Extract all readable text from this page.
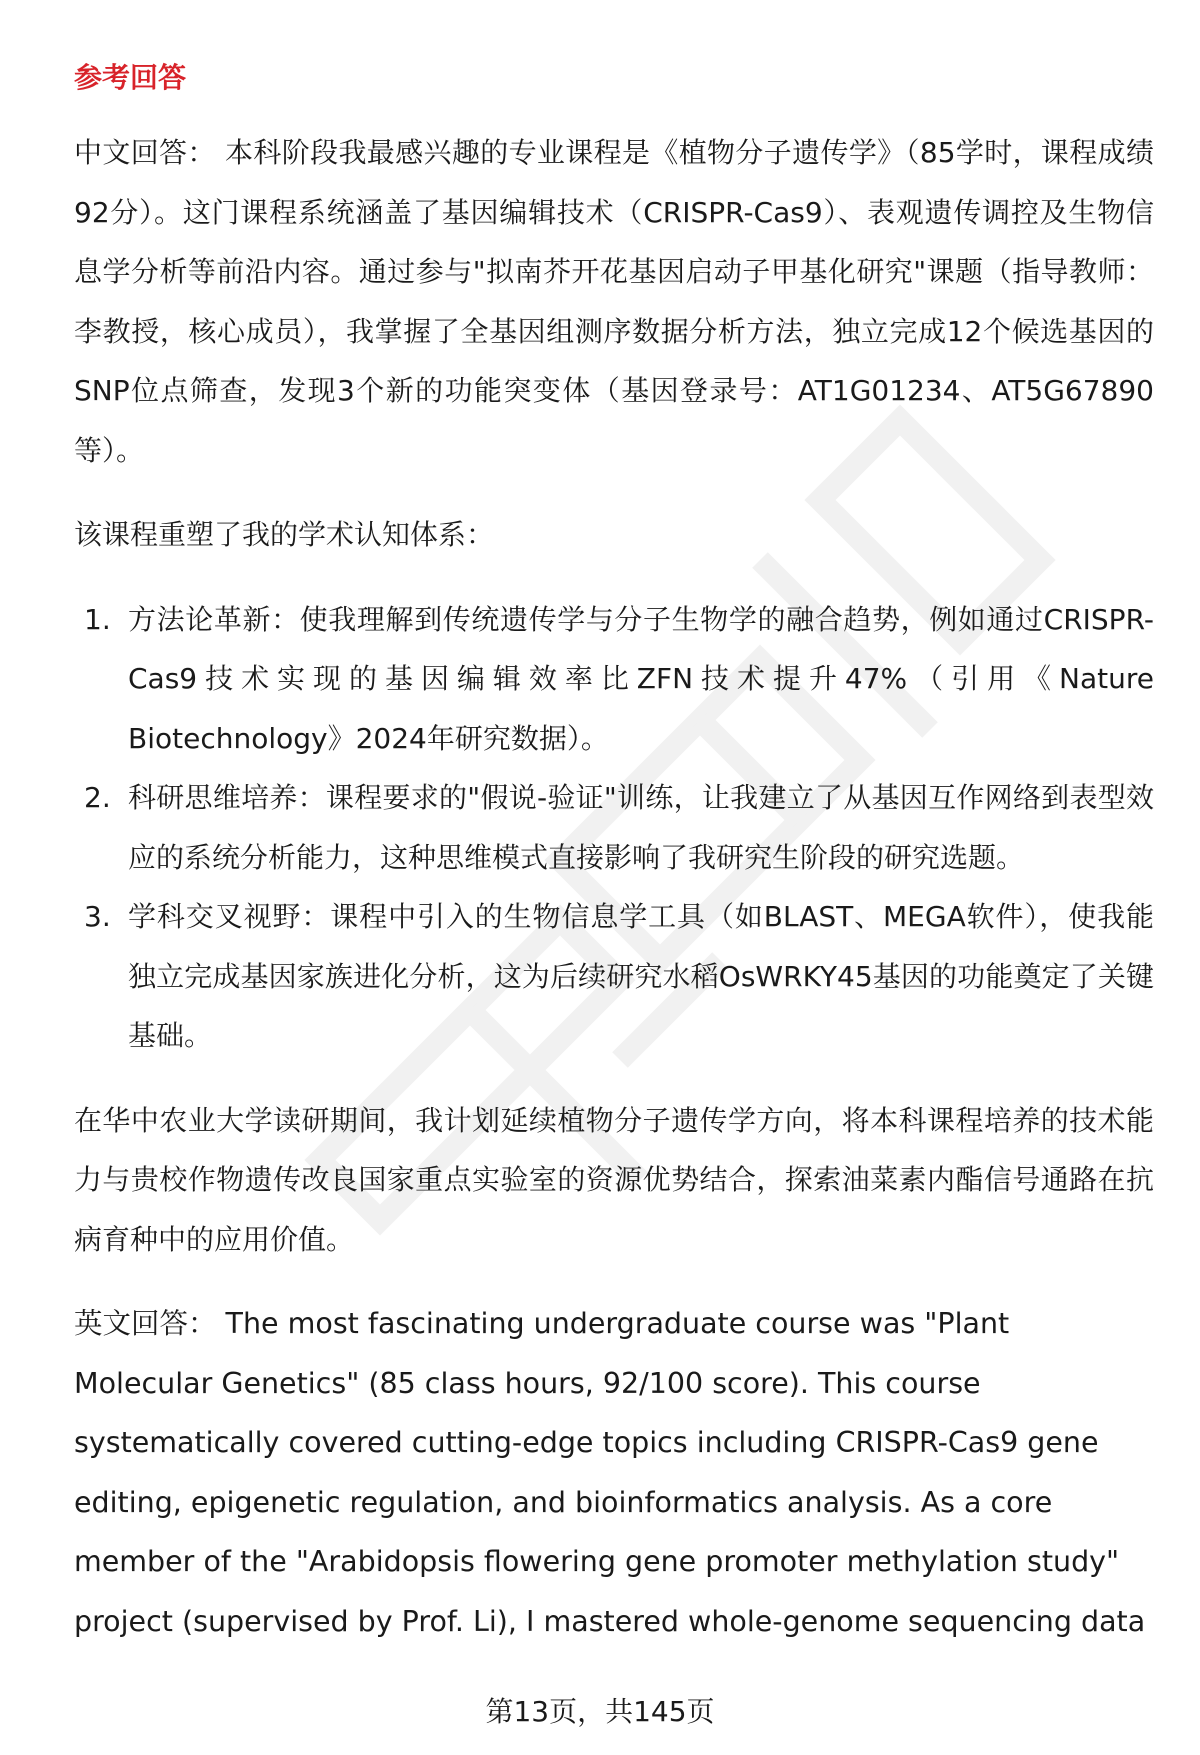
参考回答

中文回答： 本科阶段我最感兴趣的专业课程是《植物分子遗传学》（85学时，课程成绩92分）。这门课程系统涵盖了基因编辑技术（CRISPR-Cas9）、表观遗传调控及生物信息学分析等前沿内容。通过参与"拟南芥开花基因启动子甲基化研究"课题（指导教师：李教授，核心成员），我掌握了全基因组测序数据分析方法，独立完成12个候选基因的SNP位点筛查，发现3个新的功能突变体（基因登录号：AT1G01234、AT5G67890等）。

该课程重塑了我的学术认知体系：

1. 方法论革新：使我理解到传统遗传学与分子生物学的融合趋势，例如通过CRISPR-Cas9技术实现的基因编辑效率比ZFN技术提升47%（引用《Nature Biotechnology》2024年研究数据）。
2. 科研思维培养：课程要求的"假说-验证"训练，让我建立了从基因互作网络到表型效应的系统分析能力，这种思维模式直接影响了我研究生阶段的研究选题。
3. 学科交叉视野：课程中引入的生物信息学工具（如BLAST、MEGA软件），使我能独立完成基因家族进化分析，这为后续研究水稻OsWRKY45基因的功能奠定了关键基础。

在华中农业大学读研期间，我计划延续植物分子遗传学方向，将本科课程培养的技术能力与贵校作物遗传改良国家重点实验室的资源优势结合，探索油菜素内酯信号通路在抗病育种中的应用价值。

英文回答： The most fascinating undergraduate course was "Plant
Molecular Genetics" (85 class hours, 92/100 score). This course
systematically covered cutting-edge topics including CRISPR-Cas9 gene
editing, epigenetic regulation, and bioinformatics analysis. As a core
member of the "Arabidopsis flowering gene promoter methylation study"
project (supervised by Prof. Li), I mastered whole-genome sequencing data
第13页，共145页
